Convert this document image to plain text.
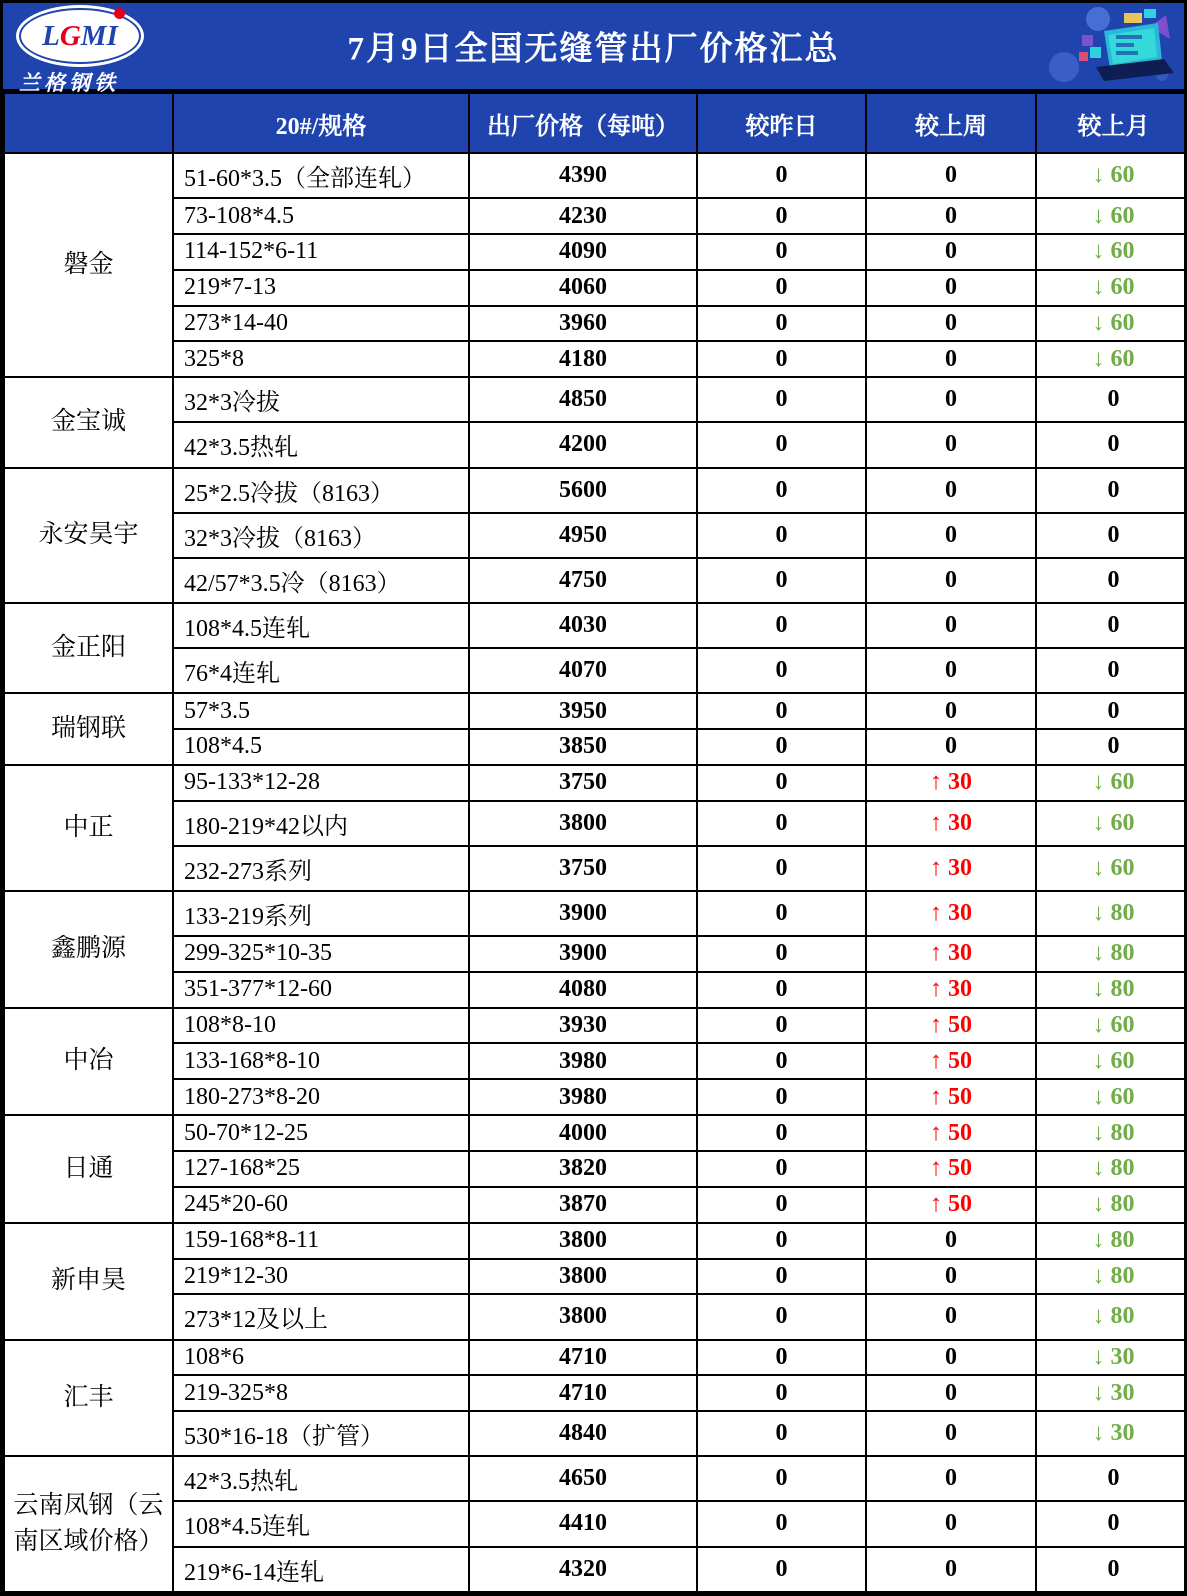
L G M I
兰格钢铁
7月9日全国无缝管出厂价格汇总
	20#/规格	出厂价格（每吨）	较昨日	较上周	较上月
磐金	51-60*3.5（全部连轧）	4390	0	0	↓ 60
	73-108*4.5	4230	0	0	↓ 60
	114-152*6-11	4090	0	0	↓ 60
	219*7-13	4060	0	0	↓ 60
	273*14-40	3960	0	0	↓ 60
	325*8	4180	0	0	↓ 60
金宝诚	32*3冷拔	4850	0	0	0
	42*3.5热轧	4200	0	0	0
永安昊宇	25*2.5冷拔（8163）	5600	0	0	0
	32*3冷拔（8163）	4950	0	0	0
	42/57*3.5冷（8163）	4750	0	0	0
金正阳	108*4.5连轧	4030	0	0	0
	76*4连轧	4070	0	0	0
瑞钢联	57*3.5	3950	0	0	0
	108*4.5	3850	0	0	0
中正	95-133*12-28	3750	0	↑ 30	↓ 60
	180-219*42以内	3800	0	↑ 30	↓ 60
	232-273系列	3750	0	↑ 30	↓ 60
鑫鹏源	133-219系列	3900	0	↑ 30	↓ 80
	299-325*10-35	3900	0	↑ 30	↓ 80
	351-377*12-60	4080	0	↑ 30	↓ 80
中冶	108*8-10	3930	0	↑ 50	↓ 60
	133-168*8-10	3980	0	↑ 50	↓ 60
	180-273*8-20	3980	0	↑ 50	↓ 60
日通	50-70*12-25	4000	0	↑ 50	↓ 80
	127-168*25	3820	0	↑ 50	↓ 80
	245*20-60	3870	0	↑ 50	↓ 80
新申昊	159-168*8-11	3800	0	0	↓ 80
	219*12-30	3800	0	0	↓ 80
	273*12及以上	3800	0	0	↓ 80
汇丰	108*6	4710	0	0	↓ 30
	219-325*8	4710	0	0	↓ 30
	530*16-18（扩管）	4840	0	0	↓ 30
云南凤钢（云南区域价格）	42*3.5热轧	4650	0	0	0
	108*4.5连轧	4410	0	0	0
	219*6-14连轧	4320	0	0	0
